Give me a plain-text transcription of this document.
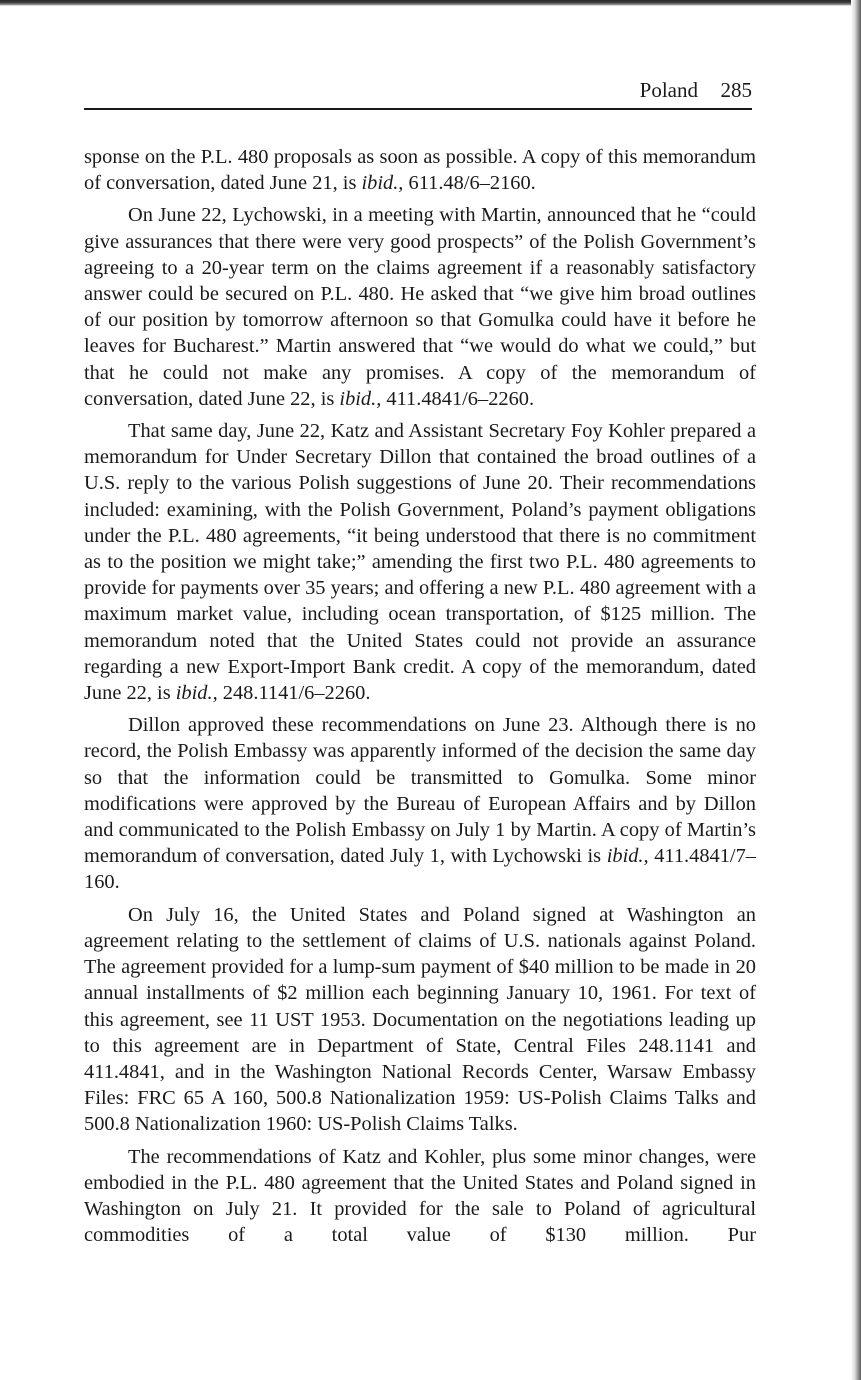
Poland 285

sponse on the P.L. 480 proposals as soon as possible. A copy of this memorandum of conversation, dated June 21, is ibid., 611.48/6–2160.

On June 22, Lychowski, in a meeting with Martin, announced that he “could give assurances that there were very good prospects” of the Polish Government’s agreeing to a 20-year term on the claims agreement if a reasonably satisfactory answer could be secured on P.L. 480. He asked that “we give him broad outlines of our position by tomorrow afternoon so that Gomulka could have it before he leaves for Bucharest.” Martin answered that “we would do what we could,” but that he could not make any promises. A copy of the memorandum of conversation, dated June 22, is ibid., 411.4841/6–2260.

That same day, June 22, Katz and Assistant Secretary Foy Kohler prepared a memorandum for Under Secretary Dillon that contained the broad outlines of a U.S. reply to the various Polish suggestions of June 20. Their recommendations included: examining, with the Polish Government, Poland’s payment obligations under the P.L. 480 agreements, “it being understood that there is no commitment as to the position we might take;” amending the first two P.L. 480 agreements to provide for payments over 35 years; and offering a new P.L. 480 agreement with a maximum market value, including ocean transportation, of $125 million. The memorandum noted that the United States could not provide an assurance regarding a new Export-Import Bank credit. A copy of the memorandum, dated June 22, is ibid., 248.1141/6–2260.

Dillon approved these recommendations on June 23. Although there is no record, the Polish Embassy was apparently informed of the decision the same day so that the information could be transmitted to Gomulka. Some minor modifications were approved by the Bureau of European Affairs and by Dillon and communicated to the Polish Embassy on July 1 by Martin. A copy of Martin’s memorandum of conversation, dated July 1, with Lychowski is ibid., 411.4841/7–160.

On July 16, the United States and Poland signed at Washington an agreement relating to the settlement of claims of U.S. nationals against Poland. The agreement provided for a lump-sum payment of $40 million to be made in 20 annual installments of $2 million each beginning January 10, 1961. For text of this agreement, see 11 UST 1953. Documentation on the negotiations leading up to this agreement are in Department of State, Central Files 248.1141 and 411.4841, and in the Washington National Records Center, Warsaw Embassy Files: FRC 65 A 160, 500.8 Nationalization 1959: US-Polish Claims Talks and 500.8 Nationalization 1960: US-Polish Claims Talks.

The recommendations of Katz and Kohler, plus some minor changes, were embodied in the P.L. 480 agreement that the United States and Poland signed in Washington on July 21. It provided for the sale to Poland of agricultural commodities of a total value of $130 million. Pur
